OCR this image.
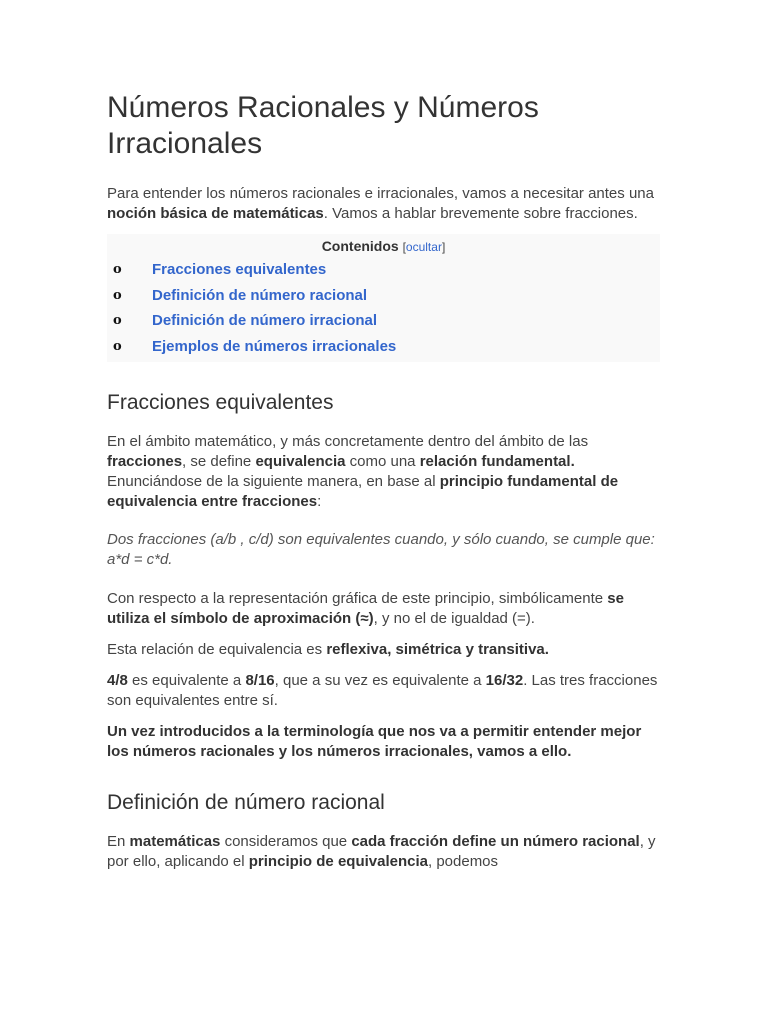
Números Racionales y Números Irracionales

Para entender los números racionales e irracionales, vamos a necesitar antes una noción básica de matemáticas. Vamos a hablar brevemente sobre fracciones.

Contenidos [ocultar]
o
Fracciones equivalentes
o
Definición de número racional
o
Definición de número irracional
o
Ejemplos de números irracionales
Fracciones equivalentes

En el ámbito matemático, y más concretamente dentro del ámbito de las fracciones, se define equivalencia como una relación fundamental. Enunciándose de la siguiente manera, en base al principio fundamental de equivalencia entre fracciones:

Dos fracciones (a/b , c/d) son equivalentes cuando, y sólo cuando, se cumple que: a*d = c*d.

Con respecto a la representación gráfica de este principio, simbólicamente se utiliza el símbolo de aproximación (≈), y no el de igualdad (=).

Esta relación de equivalencia es reflexiva, simétrica y transitiva.

4/8 es equivalente a 8/16, que a su vez es equivalente a 16/32. Las tres fracciones son equivalentes entre sí.

Un vez introducidos a la terminología que nos va a permitir entender mejor los números racionales y los números irracionales, vamos a ello.

Definición de número racional

En matemáticas consideramos que cada fracción define un número racional, y por ello, aplicando el principio de equivalencia, podemos
